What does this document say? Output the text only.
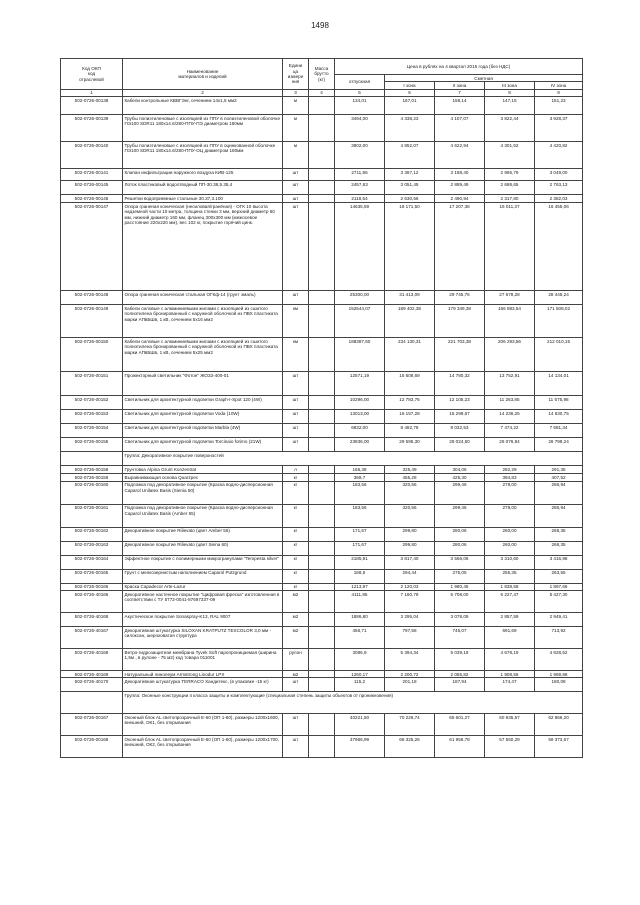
1498
Код ОКП
код
отраслевой	Наименование
материалов и изделий	Едини
ца
измере
ния	Масса
брутто
(кг)	Цена в рублях на 4 квартал 2015 года (без НДС)				
				отпускная	Сметная			
					I зона	II зона	III зона	IV зона
1	2	3	4	5	6	7	8	9
502-0726-00138	Кабели контрольные КВВГЭнг, сечением 14х1,5 мм2	м		134,01	167,01	158,14	147,15	151,23
502-0726-00139	Трубы полиэтиленовые с изоляцией из ППУ в полиэтиленовой оболочке ПЭ100 SDR11 180х14.6/280-ППУ-ПЭ диаметром 180мм	м		3494,00	4 338,23	4 107,07	3 822,44	3 928,37
502-0726-00140	Трубы полиэтиленовые с изоляцией из ППУ в оцинкованной оболочке ПЭ100 SDR11 180х14.6/280-ППУ-ОЦ диаметром 180мм	м		3902,00	4 852,07	4 622,94	4 301,52	4 420,82
502-0726-00141	Клапан инфильтрации наружного воздуха КИВ-125	шт		2711,86	3 367,12	3 188,40	2 966,79	3 049,00
502-0726-00145	Лоток пластиковый водоотводный ПП-30.38,5.35,4	шт		2457,63	3 051,45	2 889,49	2 688,65	2 763,13
502-0726-00146	Решетки водоприемные стальные 30.37,3.100	шт		2118,64	2 630,56	2 490,94	2 317,80	2 382,03
502-0726-00147	Опора граненая коническая (несиловая/гранёная) - ОГК 10 высота надземной части 10 метра, толщина стенки 3 мм, верхний диаметр 60 мм, нижний диаметр 160 мм, фланец 300х300 мм (межосевое расстояние 220х220 мм), вес 102 кг, покрытие горячий цинк.	шт		14635,59	18 171,50	17 207,38	16 011,37	16 455,06
502-0726-00148	Опора граненая коническая стальная ОГКф-14 (грунт эмаль)	шт		25300,00	31 413,09	29 745,76	27 678,28	28 445,24
502-0726-00149	Кабели силовые с алюминиевыми жилами с изоляцией из сшитого полиэтилена бронированный с наружной оболочкой из ПВХ пластиката марки АПвБШв, 1 кВ, сечением 5х16 мм2	км		152544,07	189 402,38	179 349,38	166 883,54	171 508,02
502-0726-00150	Кабели силовые с алюминиевыми жилами с изоляцией из сшитого полиэтилена бронированный с наружной оболочкой из ПВХ пластиката марки АПвБШв, 1 кВ, сечением 5х25 мм2	км		188387,60	234 130,31	221 703,38	206 293,56	212 010,15
502-0726-00151	Прожекторный светильник "Фотон" ЖО33-400-01	шт		12571,19	15 608,69	14 780,32	13 752,91	14 134,01
502-0726-00152	Светильник для архитектурной подсветки Graph-I-Spot 120 (4W)	шт		10296,00	12 783,76	12 105,23	11 263,85	11 575,98
502-0726-00153	Светильник для архитектурной подсветки Voda (10W)	шт		13013,00	16 157,28	15 299,67	14 236,25	14 630,75
502-0726-00154	Светильник для архитектурной подсветки Marbla (4W)	шт		6832,00	8 482,78	8 032,53	7 474,22	7 681,34
502-0726-00155	Светильник для архитектурной подсветки Torcinaio forimo (21W)	шт		23836,00	29 595,30	28 024,50	26 076,84	26 799,24
	Группа: Декоративное покрытие поверхностей							
502-0726-00158	Грунтовка Alpina Grunt Konzentrat	л		166,38	325,49	304,06	282,29	291,35
502-0726-00159	Выравнивающая основа Quarzpec	кг		369,7	455,28	425,30	394,83	407,52
502-0726-00160	Подложка под декоративное покрытие (Краска водно-дисперсионная Caparol Unilatex Basis (Sienia 50)	кг		183,56	320,56	299,46	278,00	286,94
502-0726-00161	Подложка под декоративное покрытие (Краска водно-дисперсионная Caparol Unilatex Basis (Amber 55)	кг		183,56	320,56	299,46	278,00	286,94
502-0726-00162	Декоративное покрытие Rilievato (цвет Amber 55)	кг		171,67	299,80	280,06	260,00	268,35
502-0726-00163	Декоративное покрытие Rilievato (цвет Siena 60)	кг		171,67	299,80	280,06	260,00	268,35
502-0726-00164	Эффектное покрытие с полимерными микрогранулами "Tempesta silver"	кг		2185,91	3 817,40	3 566,06	3 310,60	3 416,98
502-0726-00165	Грунт с мелкозернистым наполнением Caparol Putzgrund	кг		168,6	294,44	275,05	255,35	263,55
502-0726-00166	Краска Capadecor Arte-Lazur	кг		1213,97	2 120,03	1 980,45	1 838,58	1 897,66
502-0726-40166	Декоративное настенное покрытие "Цифровая фреска" изготовленная в соответствии с ТУ 5772-0041-87697337-09	м2		4111,85	7 160,79	5 708,00	6 227,47	5 427,30
502-0726-40168	Акустическое покрытие Sonaspray-K13, RAL 9007	м2		1886,80	3 295,04	3 078,09	2 857,59	2 949,41
502-0726-40167	Декоративная штукатурка SILOXAN KRATPUTZ TEXCOLOR 3,0 мм - силоксан, шероховатая структура	м2		456,71	797,58	745,07	691,69	713,92
502-0726-40168	Ветро-гидрозащитная мембрана Tyvek Soft паропроницаемая (ширина 1,5м , в рулоне - 75 м2) код товара 011001	рулон		3086,9	5 394,34	5 039,18	4 678,19	4 828,52
502-0726-40169	Натуральный линолеум Armstrong Linodur LPX	м2		1260,17	2 200,72	2 055,82	1 908,55	1 969,88
502-0726-40170	Декоративная штукатурка TERRACO Хандитекс, (в упаковке -15 кг)	шт		115,2	201,18	187,94	174,47	180,08
	Группа: Оконные конструкции 4 класса защиты и комплектующие (специальная степень защиты объектов от проникновения)							
502-0726-00167	Оконный блок AL светопрозрачный Е-60 (ОП 1-60), размеры 1200х1600, внешний, ОК1, без открывания	шт		40221,50	70 226,74	65 601,27	60 935,57	62 866,20
502-0726-00168	Оконный блок AL светопрозрачный Е-60 (ОП 1-60), размеры 1200х1700, внешний, ОК2, без открывания	шт		37966,99	66 325,26	61 956,78	57 550,29	59 373,67
